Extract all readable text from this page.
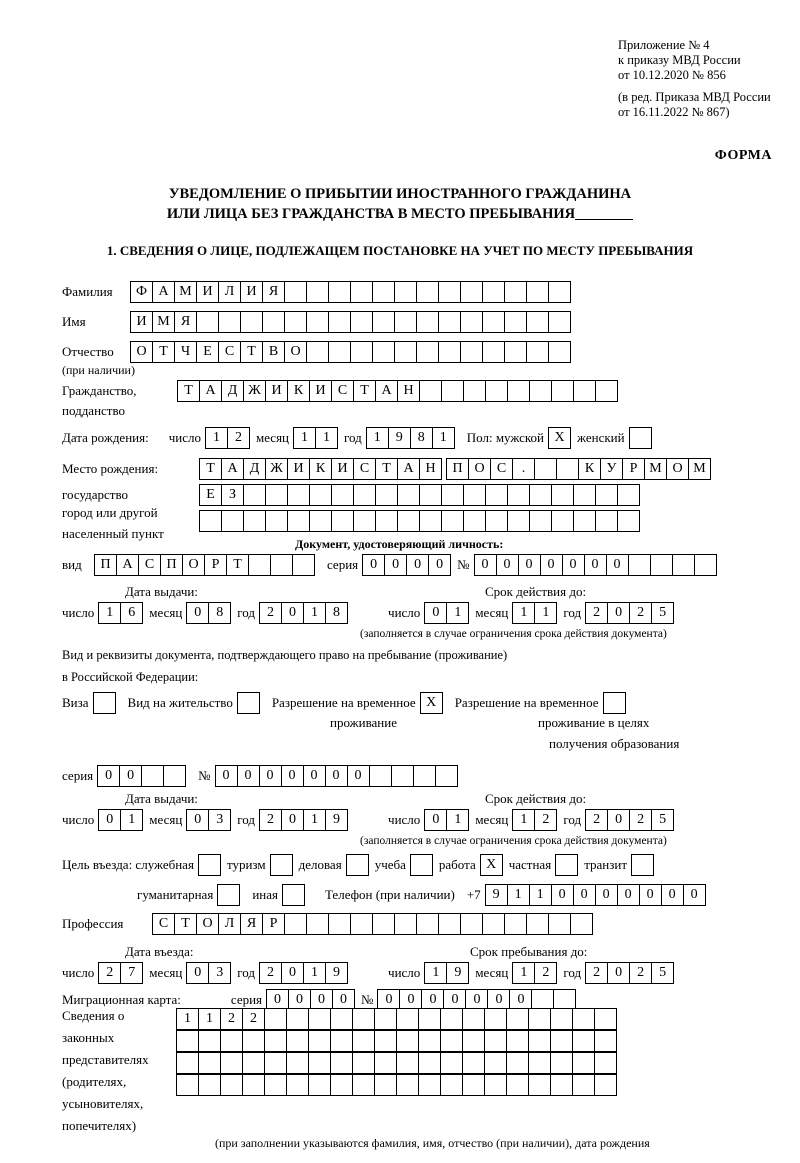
Приложение № 4
к приказу МВД России
от 10.12.2020 № 856
(в ред. Приказа МВД России
от 16.11.2022 № 867)
ФОРМА
УВЕДОМЛЕНИЕ О ПРИБЫТИИ ИНОСТРАННОГО ГРАЖДАНИНА
ИЛИ ЛИЦА БЕЗ ГРАЖДАНСТВА В МЕСТО ПРЕБЫВАНИЯ
1. СВЕДЕНИЯ О ЛИЦЕ, ПОДЛЕЖАЩЕМ ПОСТАНОВКЕ НА УЧЕТ ПО МЕСТУ ПРЕБЫВАНИЯ
Фамилия	Ф А М И Л И Я
Имя	И М Я
Отчество	О Т Ч Е С Т В О
(при наличии)
Гражданство,	Т А Д Ж И К И С Т А Н
подданство
Дата рождения: число 1	2	месяц 1	1	год 1	9	8	1	Пол: мужской X женский
Место рождения:	Т А Д Ж И К И С Т А Н	П О С	.	К У Р М О М
государство	Е	З
город или другой
населенный пункт
Документ, удостоверяющий личность:
вид	П А С П О Р Т	серия 0	0	0	0	№ 0	0	0	0	0	0	0
Дата выдачи:	Срок действия до:
число 1	6	месяц 0	8	год 2	0	1	8	число 0	1	месяц 1	1	год 2	0	2	5
(заполняется в случае ограничения срока действия документа)
Вид и реквизиты документа, подтверждающего право на пребывание (проживание)
в Российской Федерации:
Виза	Вид на жительство	Разрешение на временное X	Разрешение на временное
проживание	проживание в целях
получения образования
серия 0	0	№ 0	0	0	0	0	0	0
Дата выдачи:	Срок действия до:
число 0	1	месяц 0	3	год 2	0	1	9	число 0	1	месяц 1	2	год 2	0	2	5
(заполняется в случае ограничения срока действия документа)
Цель въезда: служебная	туризм	деловая	учеба	работа X частная	транзит
гуманитарная	иная	Телефон (при наличии) +7 9	1	1	0	0	0	0	0	0	0
Профессия	С Т О Л Я Р
Дата въезда:	Срок пребывания до:
число 2	7	месяц 0	3	год 2	0	1	9	число 1	9	месяц 1	2	год 2	0	2	5
Миграционная карта:	серия 0	0	0	0	№ 0	0	0	0	0	0	0
Сведения о
законных
представителях
(родителях,
усыновителях,
попечителях)
1	1	2	2
(при заполнении указываются фамилия, имя, отчество (при наличии), дата рождения
